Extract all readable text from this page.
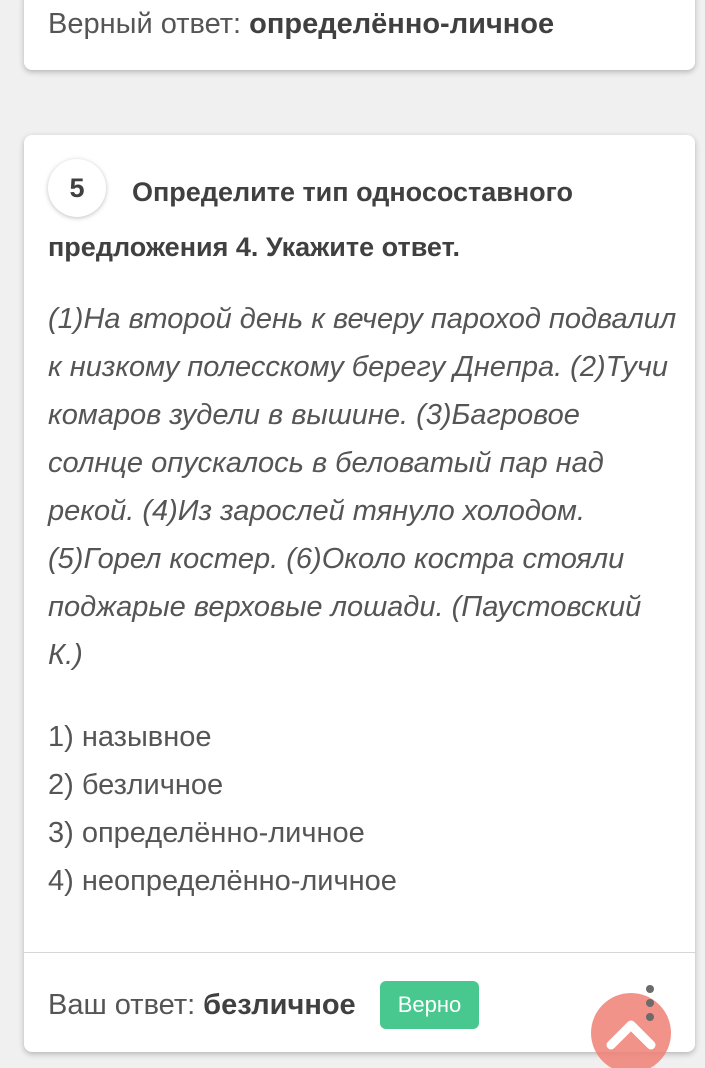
Верный ответ: определённо-личное
Определите тип односоставного предложения 4. Укажите ответ.
5
(1)На второй день к вечеру пароход подвалил к низкому полесскому берегу Днепра. (2)Тучи комаров зудели в вышине. (3)Багровое солнце опускалось в беловатый пар над рекой. (4)Из зарослей тянуло холодом. (5)Горел костер. (6)Около костра стояли поджарые верховые лошади. (Паустовский К.)
1) назывное
2) безличное
3) определённо-личное
4) неопределённо-личное
Ваш ответ: безличное	Верно
